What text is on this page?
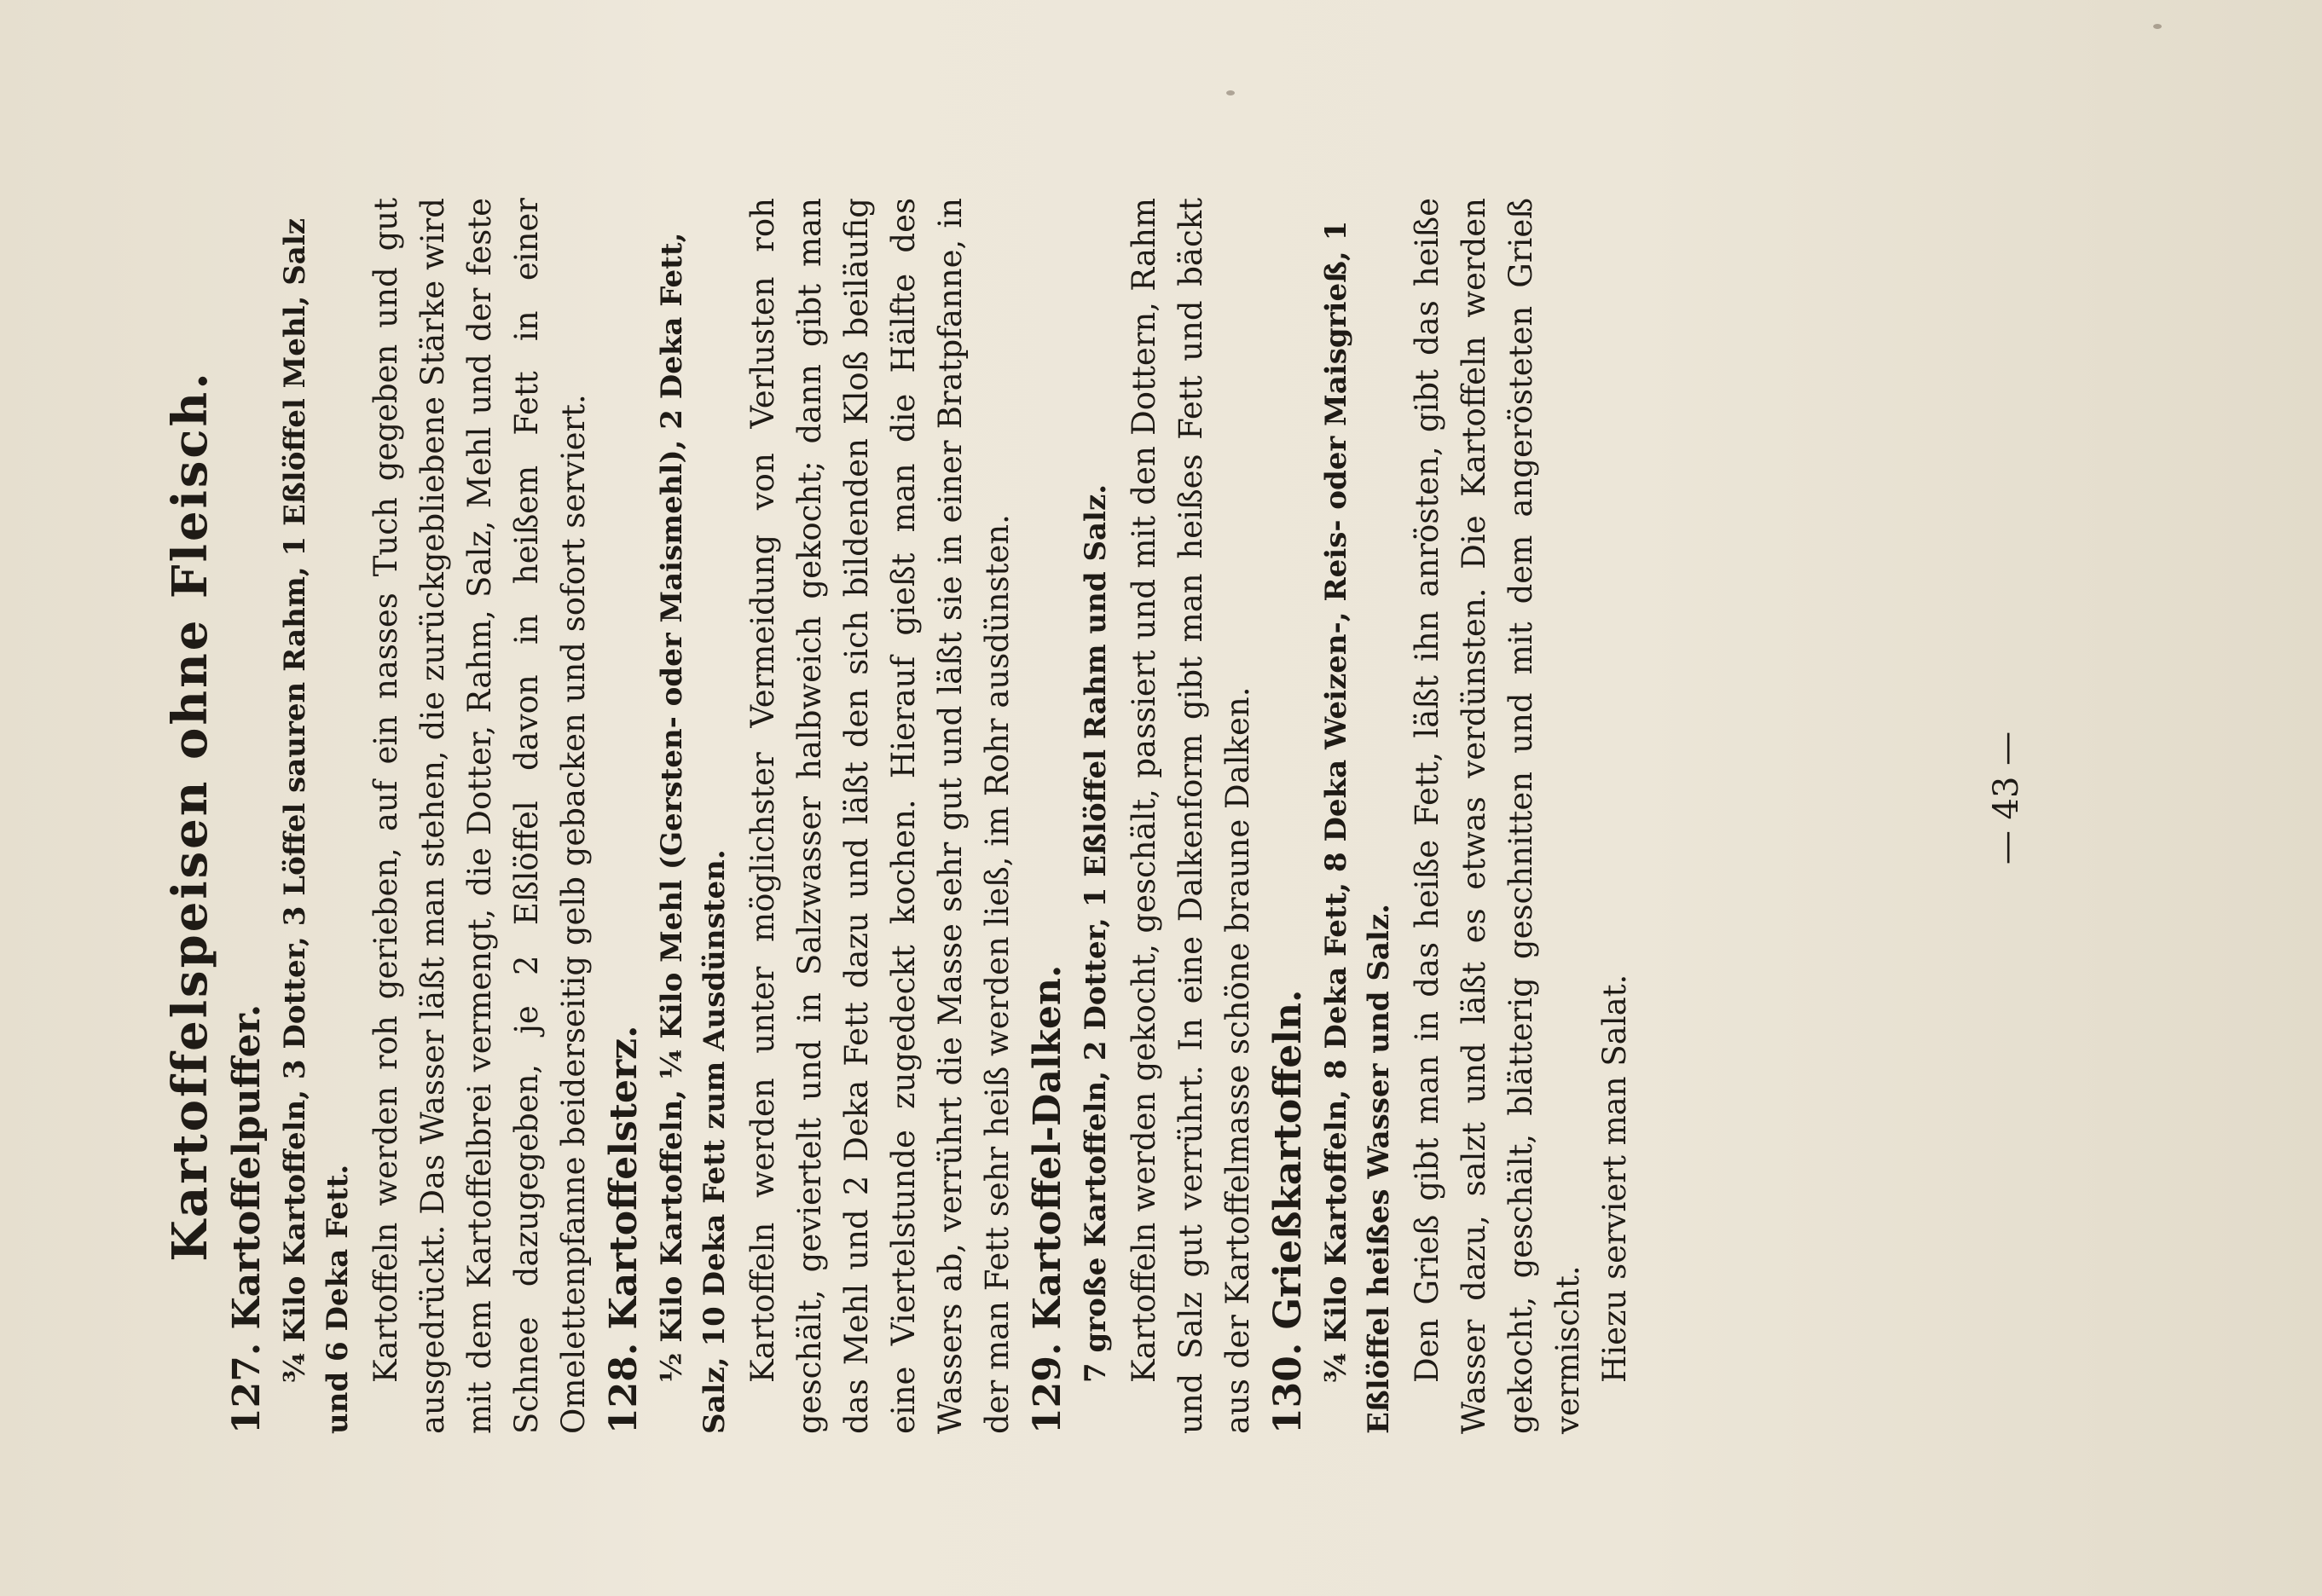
Kartoffelspeisen ohne Fleisch. 127. Kartoffelpuffer. ¾ Kilo Kartoffeln, 3 Dotter, 3 Löffel sauren Rahm, 1 Eßlöffel Mehl, Salz und 6 Deka Fett. Kartoffeln werden roh gerieben, auf ein nasses Tuch gegeben und gut ausgedrückt. Das Wasser läßt man stehen, die zurückgebliebene Stärke wird mit dem Kartoffelbrei vermengt, die Dotter, Rahm, Salz, Mehl und der feste Schnee dazugegeben, je 2 Eßlöffel davon in heißem Fett in einer Omelettenpfanne beiderseitig gelb gebacken und sofort serviert. 128. Kartoffelsterz. ½ Kilo Kartoffeln, ¼ Kilo Mehl (Gersten- oder Maismehl), 2 Deka Fett, Salz, 10 Deka Fett zum Ausdünsten. Kartoffeln werden unter möglichster Vermeidung von Verlusten roh geschält, geviertelt und in Salzwasser halbweich gekocht; dann gibt man das Mehl und 2 Deka Fett dazu und läßt den sich bildenden Kloß beiläufig eine Viertelstunde zugedeckt kochen. Hierauf gießt man die Hälfte des Wassers ab, verrührt die Masse sehr gut und läßt sie in einer Bratpfanne, in der man Fett sehr heiß werden ließ, im Rohr ausdünsten. 129. Kartoffel-Dalken. 7 große Kartoffeln, 2 Dotter, 1 Eßlöffel Rahm und Salz. Kartoffeln werden gekocht, geschält, passiert und mit den Dottern, Rahm und Salz gut verrührt. In eine Dalkenform gibt man heißes Fett und bäckt aus der Kartoffelmasse schöne braune Dalken. 130. Grießkartoffeln. ¾ Kilo Kartoffeln, 8 Deka Fett, 8 Deka Weizen-, Reis- oder Maisgrieß, 1 Eßlöffel heißes Wasser und Salz. Den Grieß gibt man in das heiße Fett, läßt ihn anrösten, gibt das heiße Wasser dazu, salzt und läßt es etwas verdünsten. Die Kartoffeln werden gekocht, geschält, blätterig geschnitten und mit dem angerösteten Grieß vermischt. Hiezu serviert man Salat.

— 43 —
